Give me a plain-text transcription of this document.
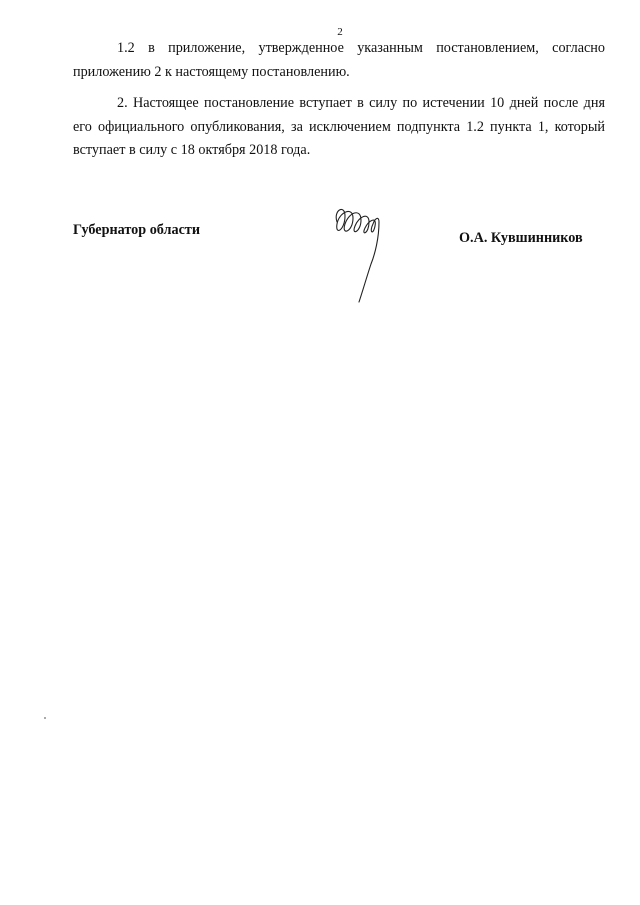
2

1.2 в приложение, утвержденное указанным постановлением, согласно приложению 2 к настоящему постановлению.

2. Настоящее постановление вступает в силу по истечении 10 дней после дня его официального опубликования, за исключением подпункта 1.2 пункта 1, который вступает в силу с 18 октября 2018 года.

Губернатор области	О.А. Кувшинников
